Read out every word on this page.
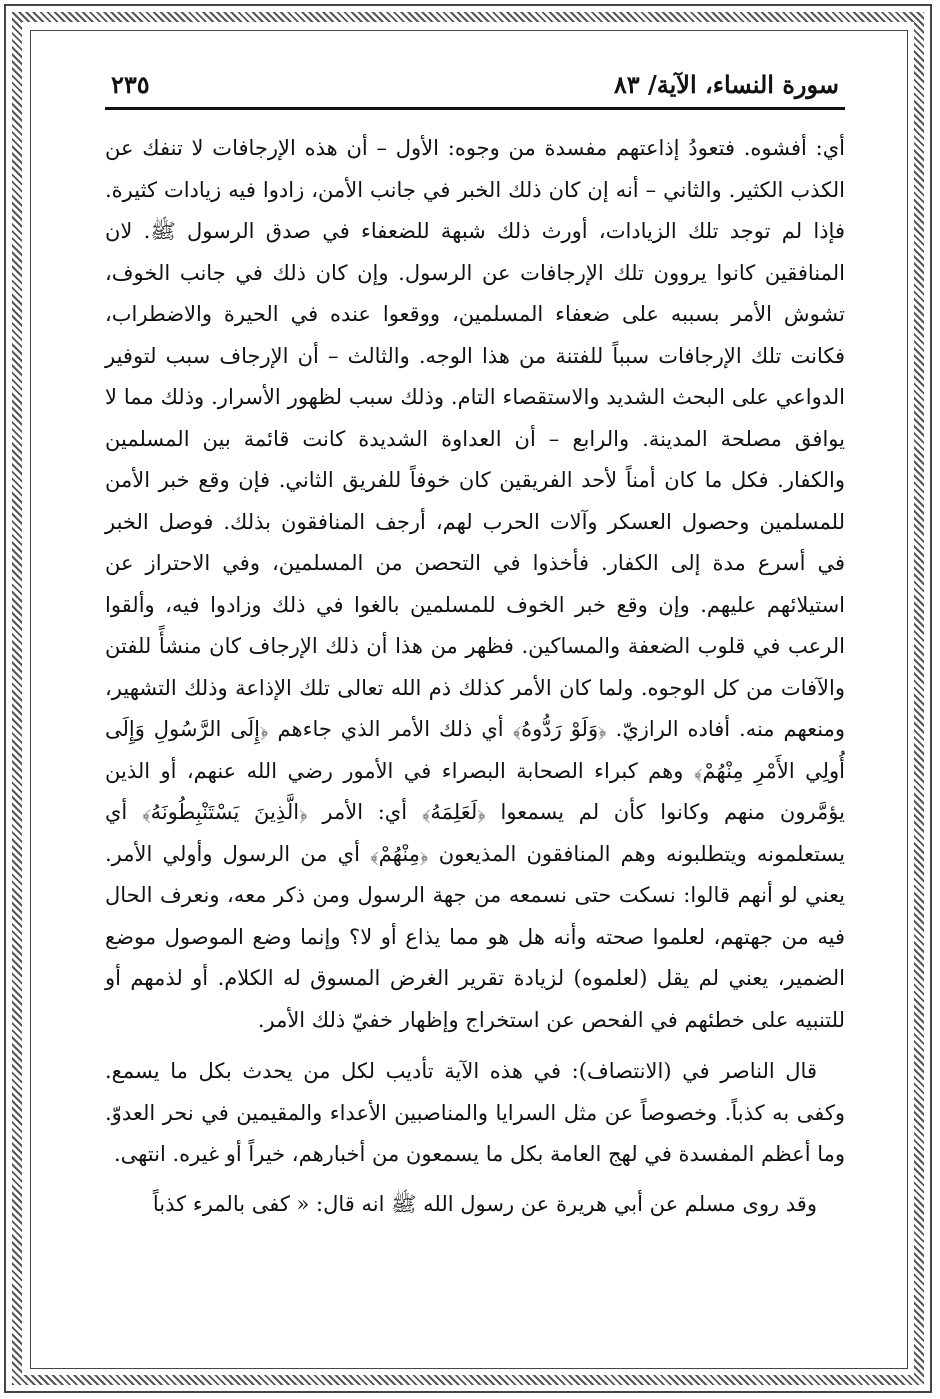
سورة النساء، الآية/ ٨٣
٢٣٥

أي: أفشوه. فتعودُ إذاعتهم مفسدة من وجوه: الأول – أن هذه الإرجافات لا تنفك عن الكذب الكثير. والثاني – أنه إن كان ذلك الخبر في جانب الأمن، زادوا فيه زيادات كثيرة. فإذا لم توجد تلك الزيادات، أورث ذلك شبهة للضعفاء في صدق الرسول ﷺ. لان المنافقين كانوا يروون تلك الإرجافات عن الرسول. وإن كان ذلك في جانب الخوف، تشوش الأمر بسببه على ضعفاء المسلمين، ووقعوا عنده في الحيرة والاضطراب، فكانت تلك الإرجافات سبباً للفتنة من هذا الوجه. والثالث – أن الإرجاف سبب لتوفير الدواعي على البحث الشديد والاستقصاء التام. وذلك سبب لظهور الأسرار. وذلك مما لا يوافق مصلحة المدينة. والرابع – أن العداوة الشديدة كانت قائمة بين المسلمين والكفار. فكل ما كان أمناً لأحد الفريقين كان خوفاً للفريق الثاني. فإن وقع خبر الأمن للمسلمين وحصول العسكر وآلات الحرب لهم، أرجف المنافقون بذلك. فوصل الخبر في أسرع مدة إلى الكفار. فأخذوا في التحصن من المسلمين، وفي الاحتراز عن استيلائهم عليهم. وإن وقع خبر الخوف للمسلمين بالغوا في ذلك وزادوا فيه، وألقوا الرعب في قلوب الضعفة والمساكين. فظهر من هذا أن ذلك الإرجاف كان منشأً للفتن والآفات من كل الوجوه. ولما كان الأمر كذلك ذم الله تعالى تلك الإذاعة وذلك التشهير، ومنعهم منه. أفاده الرازيّ. ﴿وَلَوْ رَدُّوهُ﴾ أي ذلك الأمر الذي جاءهم ﴿إِلَى الرَّسُولِ وَإِلَى أُولِي الأَمْرِ مِنْهُمْ﴾ وهم كبراء الصحابة البصراء في الأمور رضي الله عنهم، أو الذين يؤمَّرون منهم وكانوا كأن لم يسمعوا ﴿لَعَلِمَهُ﴾ أي: الأمر ﴿الَّذِينَ يَسْتَنْبِطُونَهُ﴾ أي يستعلمونه ويتطلبونه وهم المنافقون المذيعون ﴿مِنْهُمْ﴾ أي من الرسول وأولي الأمر. يعني لو أنهم قالوا: نسكت حتى نسمعه من جهة الرسول ومن ذكر معه، ونعرف الحال فيه من جهتهم، لعلموا صحته وأنه هل هو مما يذاع أو لا؟ وإنما وضع الموصول موضع الضمير، يعني لم يقل (لعلموه) لزيادة تقرير الغرض المسوق له الكلام. أو لذمهم أو للتنبيه على خطئهم في الفحص عن استخراج وإظهار خفيّ ذلك الأمر.

قال الناصر في (الانتصاف): في هذه الآية تأديب لكل من يحدث بكل ما يسمع. وكفى به كذباً. وخصوصاً عن مثل السرايا والمناصبين الأعداء والمقيمين في نحر العدوّ. وما أعظم المفسدة في لهج العامة بكل ما يسمعون من أخبارهم، خيراً أو غيره. انتهى.

وقد روى مسلم عن أبي هريرة عن رسول الله ﷺ انه قال: « كفى بالمرء كذباً
